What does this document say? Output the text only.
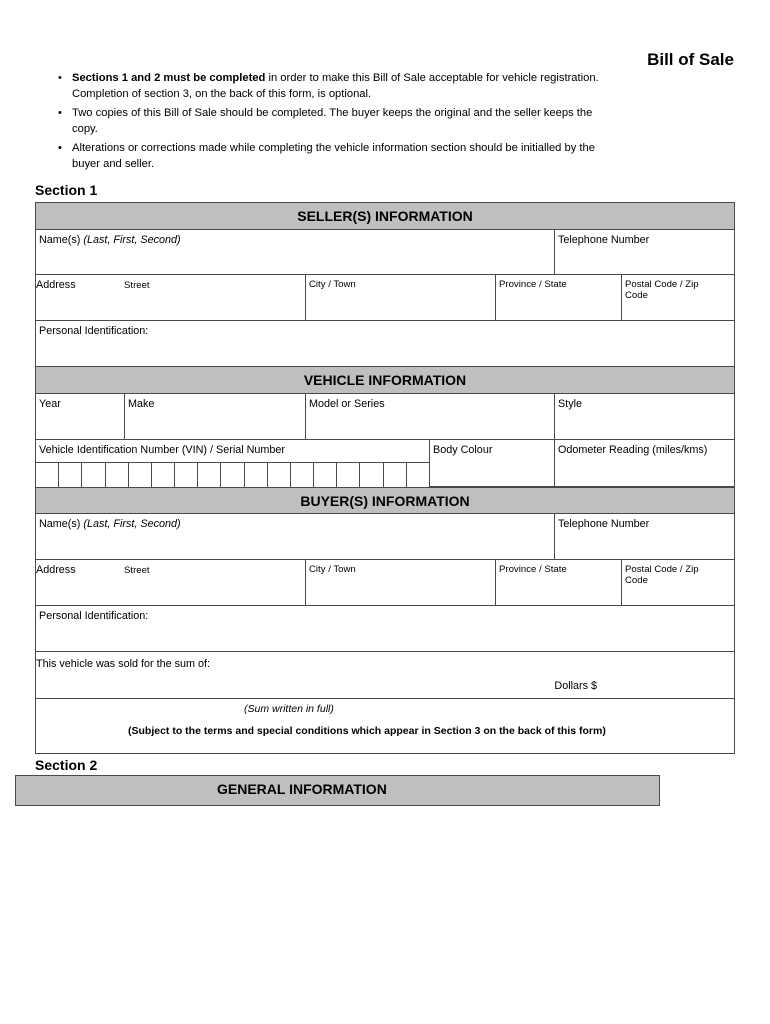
Bill of Sale
• Sections 1 and 2 must be completed in order to make this Bill of Sale acceptable for vehicle registration. Completion of section 3, on the back of this form, is optional.
• Two copies of this Bill of Sale should be completed. The buyer keeps the original and the seller keeps the copy.
• Alterations or corrections made while completing the vehicle information section should be initialled by the buyer and seller.
Section 1
SELLER(S) INFORMATION
Name(s) (Last, First, Second)	Telephone Number
Address	Street	City / Town	Province / State	Postal Code / Zip Code
Personal Identification:
VEHICLE INFORMATION
Year	Make	Model or Series	Style
Vehicle Identification Number (VIN) / Serial Number	Body Colour	Odometer Reading (miles/kms)
BUYER(S) INFORMATION
Name(s) (Last, First, Second)	Telephone Number
Address	Street	City / Town	Province / State	Postal Code / Zip Code
Personal Identification:
This vehicle was sold for the sum of:
Dollars $
(Sum written in full)
(Subject to the terms and special conditions which appear in Section 3 on the back of this form)
Section 2
GENERAL INFORMATION
